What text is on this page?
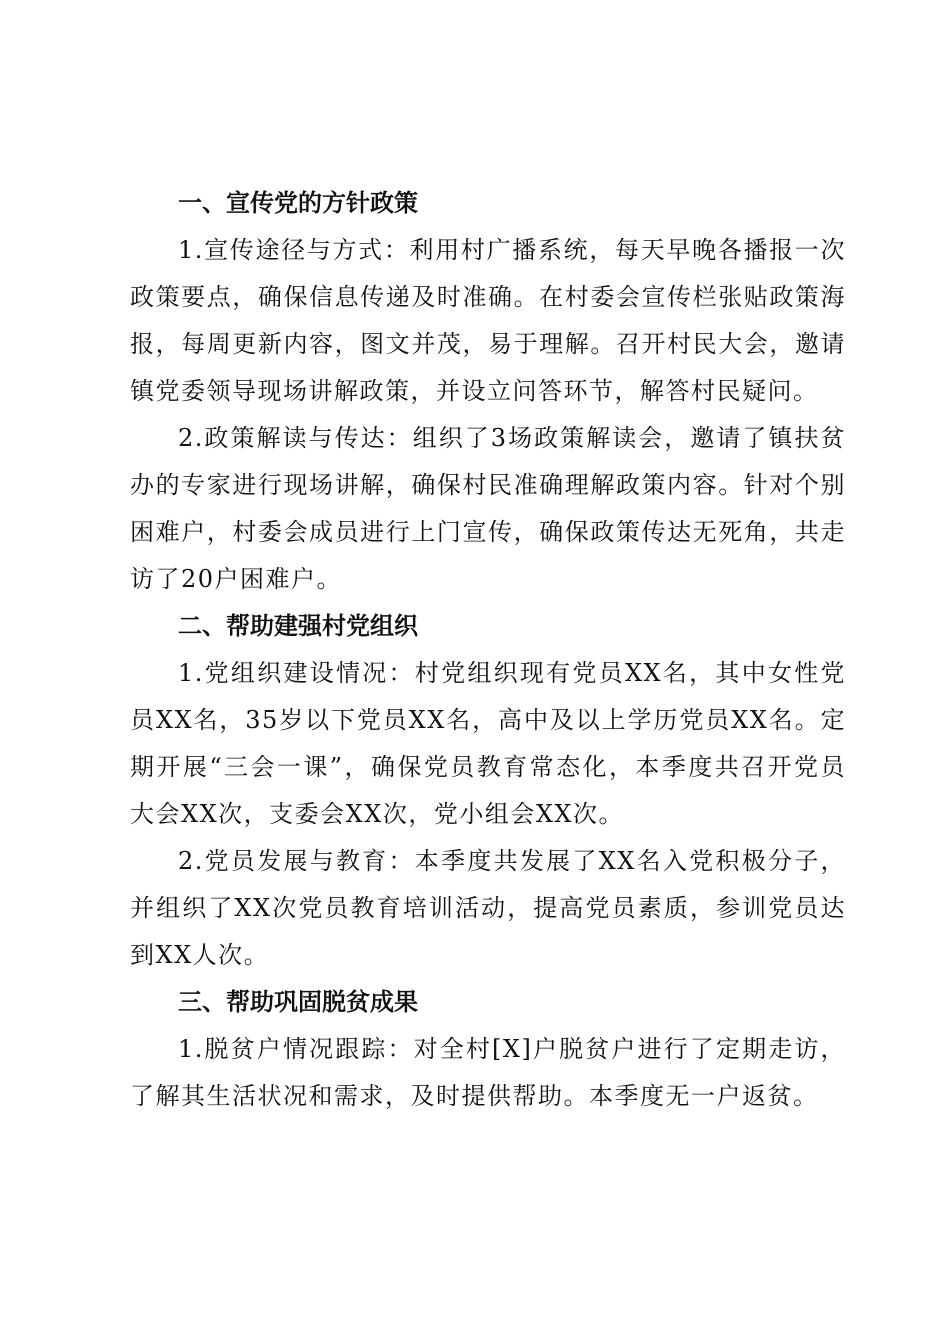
一、宣传党的方针政策

1.宣传途径与方式：利用村广播系统，每天早晚各播报一次政策要点，确保信息传递及时准确。在村委会宣传栏张贴政策海报，每周更新内容，图文并茂，易于理解。召开村民大会，邀请镇党委领导现场讲解政策，并设立问答环节，解答村民疑问。

2.政策解读与传达：组织了3场政策解读会，邀请了镇扶贫办的专家进行现场讲解，确保村民准确理解政策内容。针对个别困难户，村委会成员进行上门宣传，确保政策传达无死角，共走访了20户困难户。

二、帮助建强村党组织

1.党组织建设情况：村党组织现有党员XX名，其中女性党员XX名，35岁以下党员XX名，高中及以上学历党员XX名。定期开展“三会一课”，确保党员教育常态化，本季度共召开党员大会XX次，支委会XX次，党小组会XX次。

2.党员发展与教育：本季度共发展了XX名入党积极分子，并组织了XX次党员教育培训活动，提高党员素质，参训党员达到XX人次。

三、帮助巩固脱贫成果

1.脱贫户情况跟踪：对全村[X]户脱贫户进行了定期走访，了解其生活状况和需求，及时提供帮助。本季度无一户返贫。
